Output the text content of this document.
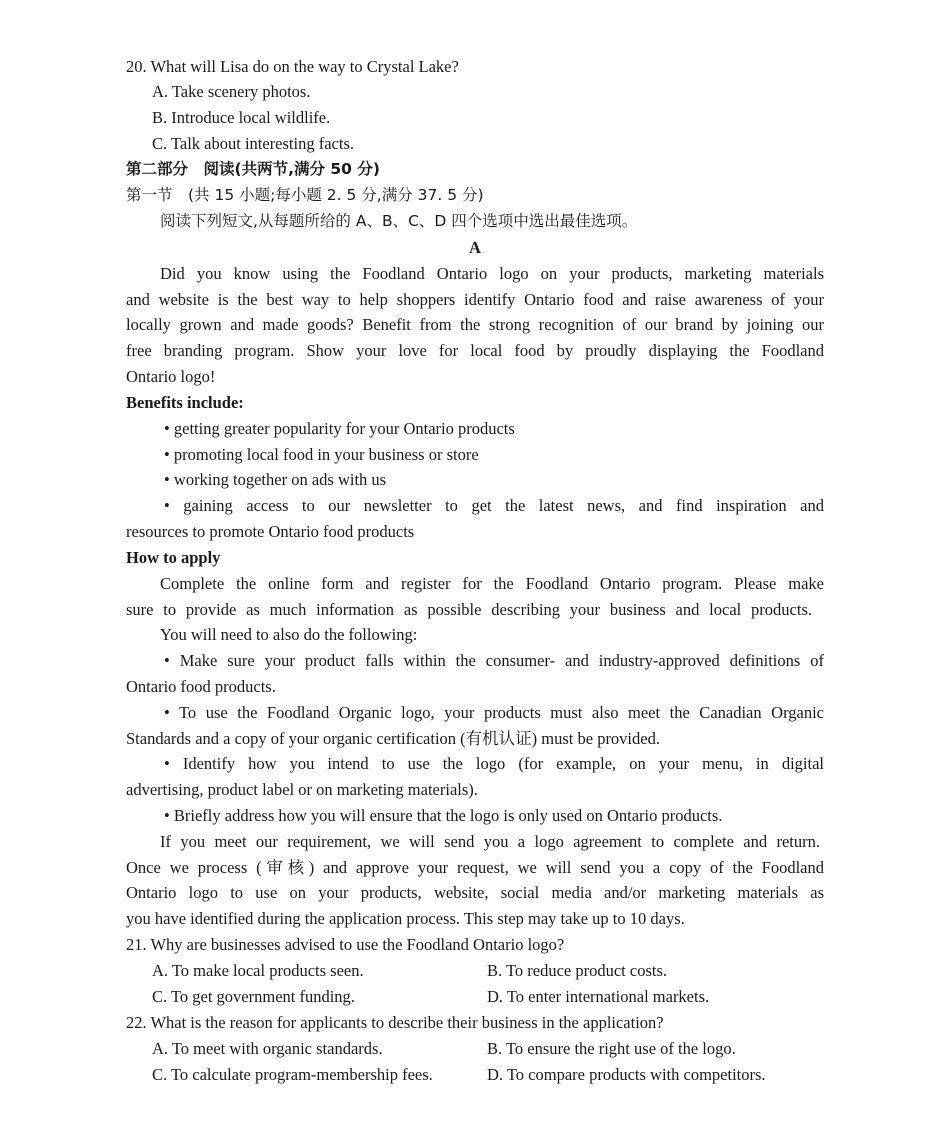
20. What will Lisa do on the way to Crystal Lake?
A. Take scenery photos.
B. Introduce local wildlife.
C. Talk about interesting facts.
第二部分　阅读(共两节,满分 50 分)
第一节　(共 15 小题;每小题 2. 5 分,满分 37. 5 分)
阅读下列短文,从每题所给的 A、B、C、D 四个选项中选出最佳选项。
A
Did you know using the Foodland Ontario logo on your products, marketing materials
and website is the best way to help shoppers identify Ontario food and raise awareness of your
locally grown and made goods? Benefit from the strong recognition of our brand by joining our
free branding program. Show your love for local food by proudly displaying the Foodland
Ontario logo!
Benefits include:
• getting greater popularity for your Ontario products
• promoting local food in your business or store
• working together on ads with us
• gaining access to our newsletter to get the latest news, and find inspiration and
resources to promote Ontario food products
How to apply
Complete the online form and register for the Foodland Ontario program. Please make
sure to provide as much information as possible describing your business and local products.
You will need to also do the following:
• Make sure your product falls within the consumer- and industry-approved definitions of
Ontario food products.
• To use the Foodland Organic logo, your products must also meet the Canadian Organic
Standards and a copy of your organic certification (有机认证) must be provided.
• Identify how you intend to use the logo (for example, on your menu, in digital
advertising, product label or on marketing materials).
• Briefly address how you will ensure that the logo is only used on Ontario products.
If you meet our requirement, we will send you a logo agreement to complete and return.
Once we process (审核) and approve your request, we will send you a copy of the Foodland
Ontario logo to use on your products, website, social media and/or marketing materials as
you have identified during the application process. This step may take up to 10 days.
21. Why are businesses advised to use the Foodland Ontario logo?
A. To make local products seen.	B. To reduce product costs.
C. To get government funding.	D. To enter international markets.
22. What is the reason for applicants to describe their business in the application?
A. To meet with organic standards.	B. To ensure the right use of the logo.
C. To calculate program-membership fees.	D. To compare products with competitors.
